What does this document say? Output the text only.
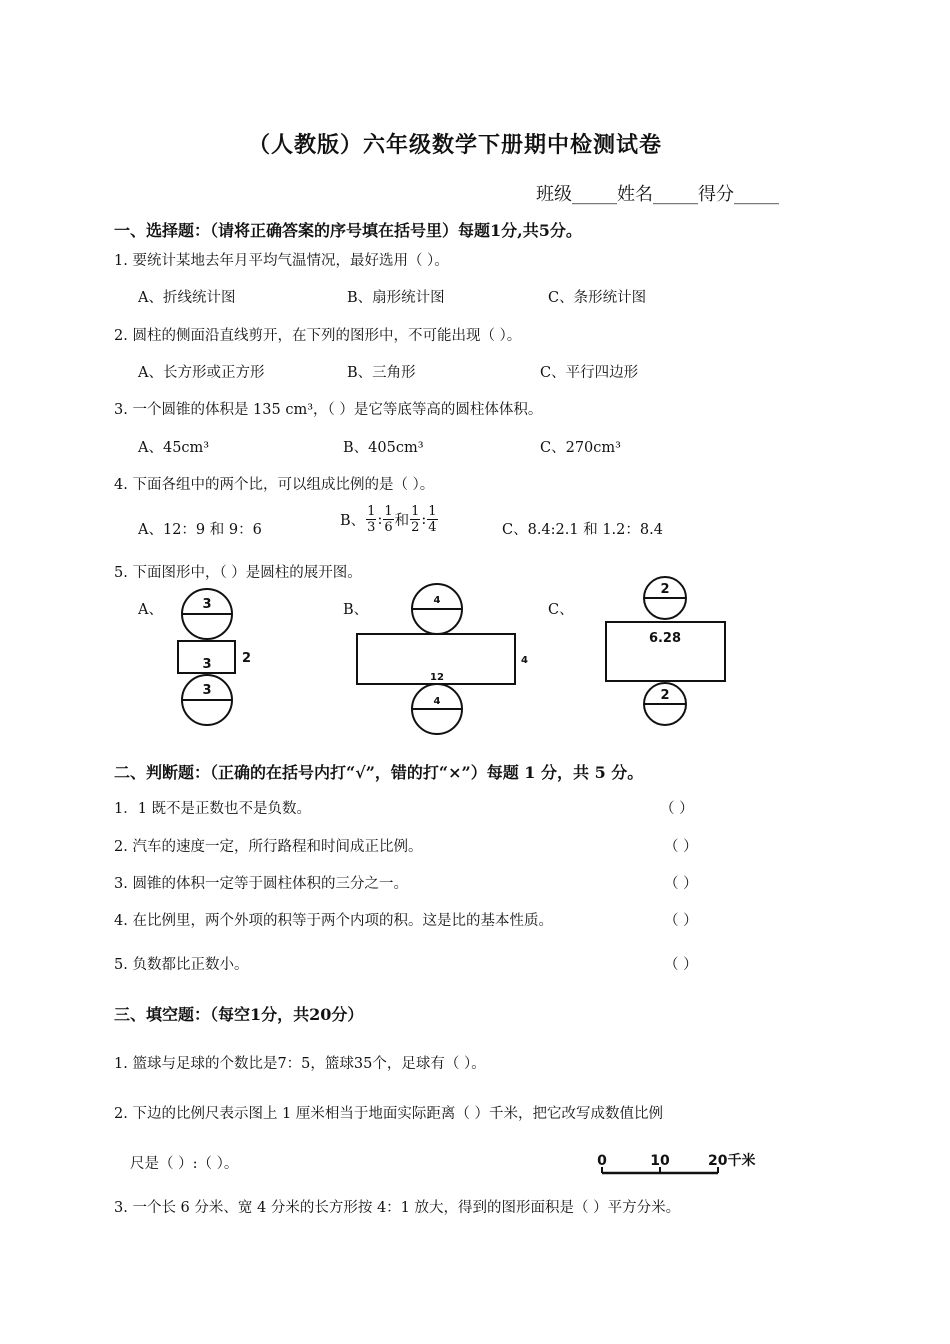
（人教版）六年级数学下册期中检测试卷
班级_____姓名_____得分_____
一、选择题：（请将正确答案的序号填在括号里）每题1分,共5分。
1. 要统计某地去年月平均气温情况，最好选用（ ）。
A、折线统计图	B、扇形统计图	C、条形统计图
2. 圆柱的侧面沿直线剪开，在下列的图形中，不可能出现（ ）。
A、长方形或正方形	B、三角形	C、平行四边形
3. 一个圆锥的体积是 135 cm³，（ ）是它等底等高的圆柱体体积。
A、45cm³	B、405cm³	C、270cm³
4. 下面各组中的两个比，可以组成比例的是（ ）。
A、12：9 和 9：6
B、 $\frac{1}{3}$ : $\frac{1}{6}$ 和 $\frac{1}{2}$ : $\frac{1}{4}$	C、8.4:2.1 和 1.2：8.4
5. 下面图形中，（ ）是圆柱的展开图。
A、	B、	C、
3
3 2
3
4
12
4
4
2
6.28
2
二、判断题：（正确的在括号内打“√”，错的打“×”）每题 1 分，共 5 分。
1．1 既不是正数也不是负数。	（ ）
2. 汽车的速度一定，所行路程和时间成正比例。	（ ）
3. 圆锥的体积一定等于圆柱体积的三分之一。	（ ）
4. 在比例里，两个外项的积等于两个内项的积。这是比的基本性质。	（ ）
5. 负数都比正数小。	（ ）
三、填空题：（每空1分，共20分）
1. 篮球与足球的个数比是7：5，篮球35个，足球有（ ）。
2. 下边的比例尺表示图上 1 厘米相当于地面实际距离（ ）千米，把它改写成数值比例
尺是（ ）:（ ）。	0	10	20千米
3. 一个长 6 分米、宽 4 分米的长方形按 4：1 放大，得到的图形面积是（ ）平方分米。
